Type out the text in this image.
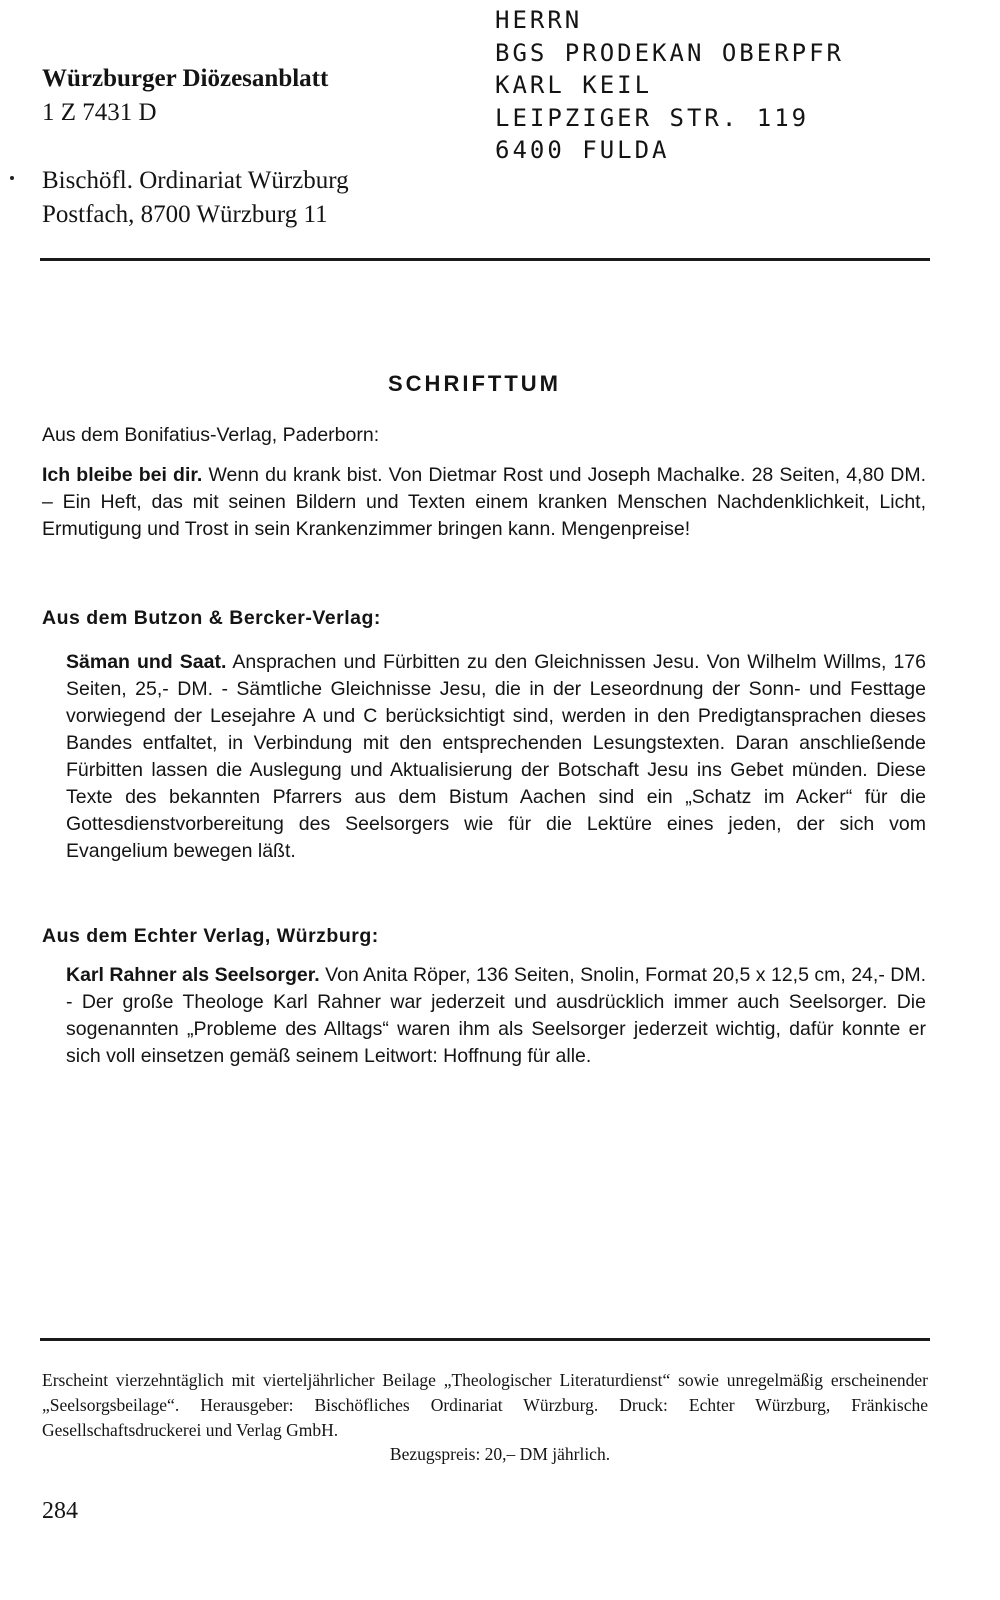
Würzburger Diözesanblatt
1 Z 7431 D
Bischöfl. Ordinariat Würzburg
Postfach, 8700 Würzburg 11
HERRN
BGS PRODEKAN OBERPFR
KARL KEIL
LEIPZIGER STR. 119
6400 FULDA
SCHRIFTTUM
Aus dem Bonifatius-Verlag, Paderborn:
Ich bleibe bei dir. Wenn du krank bist. Von Dietmar Rost und Joseph Machalke. 28 Seiten, 4,80 DM. – Ein Heft, das mit seinen Bildern und Texten einem kranken Menschen Nachdenklichkeit, Licht, Ermutigung und Trost in sein Krankenzimmer bringen kann. Mengenpreise!
Aus dem Butzon & Bercker-Verlag:
Säman und Saat. Ansprachen und Fürbitten zu den Gleichnissen Jesu. Von Wilhelm Willms, 176 Seiten, 25,- DM. - Sämtliche Gleichnisse Jesu, die in der Leseordnung der Sonn- und Festtage vorwiegend der Lesejahre A und C berücksichtigt sind, werden in den Predigtansprachen dieses Bandes entfaltet, in Verbindung mit den entsprechenden Lesungstexten. Daran anschließende Fürbitten lassen die Auslegung und Aktualisierung der Botschaft Jesu ins Gebet münden. Diese Texte des bekannten Pfarrers aus dem Bistum Aachen sind ein „Schatz im Acker“ für die Gottesdienstvorbereitung des Seelsorgers wie für die Lektüre eines jeden, der sich vom Evangelium bewegen läßt.
Aus dem Echter Verlag, Würzburg:
Karl Rahner als Seelsorger. Von Anita Röper, 136 Seiten, Snolin, Format 20,5 x 12,5 cm, 24,- DM. - Der große Theologe Karl Rahner war jederzeit und ausdrücklich immer auch Seelsorger. Die sogenannten „Probleme des Alltags“ waren ihm als Seelsorger jederzeit wichtig, dafür konnte er sich voll einsetzen gemäß seinem Leitwort: Hoffnung für alle.
Erscheint vierzehntäglich mit vierteljährlicher Beilage „Theologischer Literaturdienst“ sowie unregelmäßig erscheinender „Seelsorgsbeilage“. Herausgeber: Bischöfliches Ordinariat Würzburg. Druck: Echter Würzburg, Fränkische Gesellschaftsdruckerei und Verlag GmbH.
Bezugspreis: 20,– DM jährlich.
284
